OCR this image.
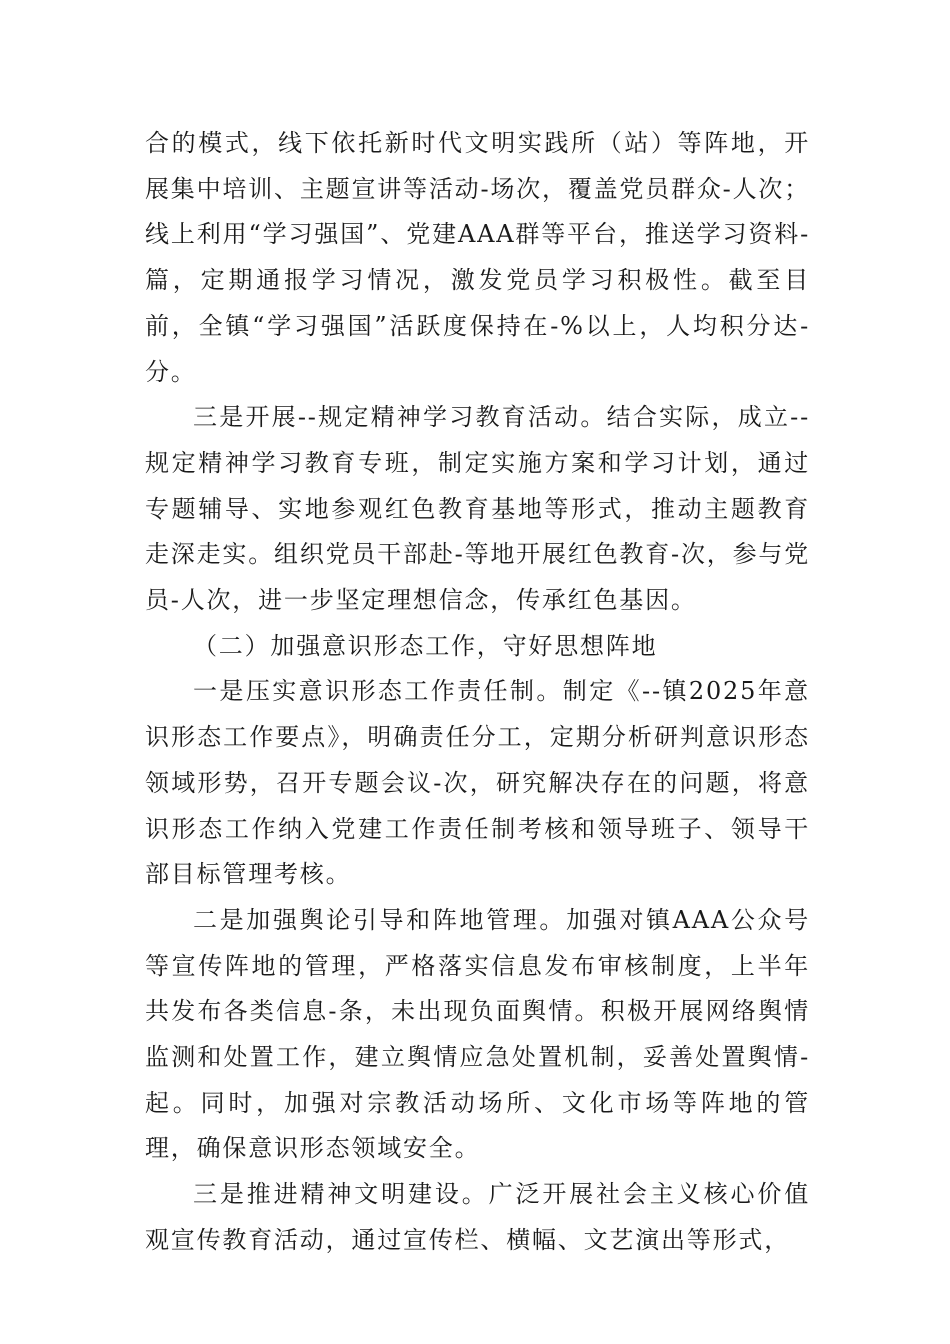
合的模式，线下依托新时代文明实践所（站）等阵地，开展集中培训、主题宣讲等活动-场次，覆盖党员群众-人次；线上利用“学习强国”、党建AAA群等平台，推送学习资料-篇，定期通报学习情况，激发党员学习积极性。截至目前，全镇“学习强国”活跃度保持在-%以上，人均积分达-分。

三是开展--规定精神学习教育活动。结合实际，成立--规定精神学习教育专班，制定实施方案和学习计划，通过专题辅导、实地参观红色教育基地等形式，推动主题教育走深走实。组织党员干部赴-等地开展红色教育-次，参与党员-人次，进一步坚定理想信念，传承红色基因。

（二）加强意识形态工作，守好思想阵地

一是压实意识形态工作责任制。制定《--镇2025年意识形态工作要点》，明确责任分工，定期分析研判意识形态领域形势，召开专题会议-次，研究解决存在的问题，将意识形态工作纳入党建工作责任制考核和领导班子、领导干部目标管理考核。

二是加强舆论引导和阵地管理。加强对镇AAA公众号等宣传阵地的管理，严格落实信息发布审核制度，上半年共发布各类信息-条，未出现负面舆情。积极开展网络舆情监测和处置工作，建立舆情应急处置机制，妥善处置舆情-起。同时，加强对宗教活动场所、文化市场等阵地的管理，确保意识形态领域安全。

三是推进精神文明建设。广泛开展社会主义核心价值观宣传教育活动，通过宣传栏、横幅、文艺演出等形式，
